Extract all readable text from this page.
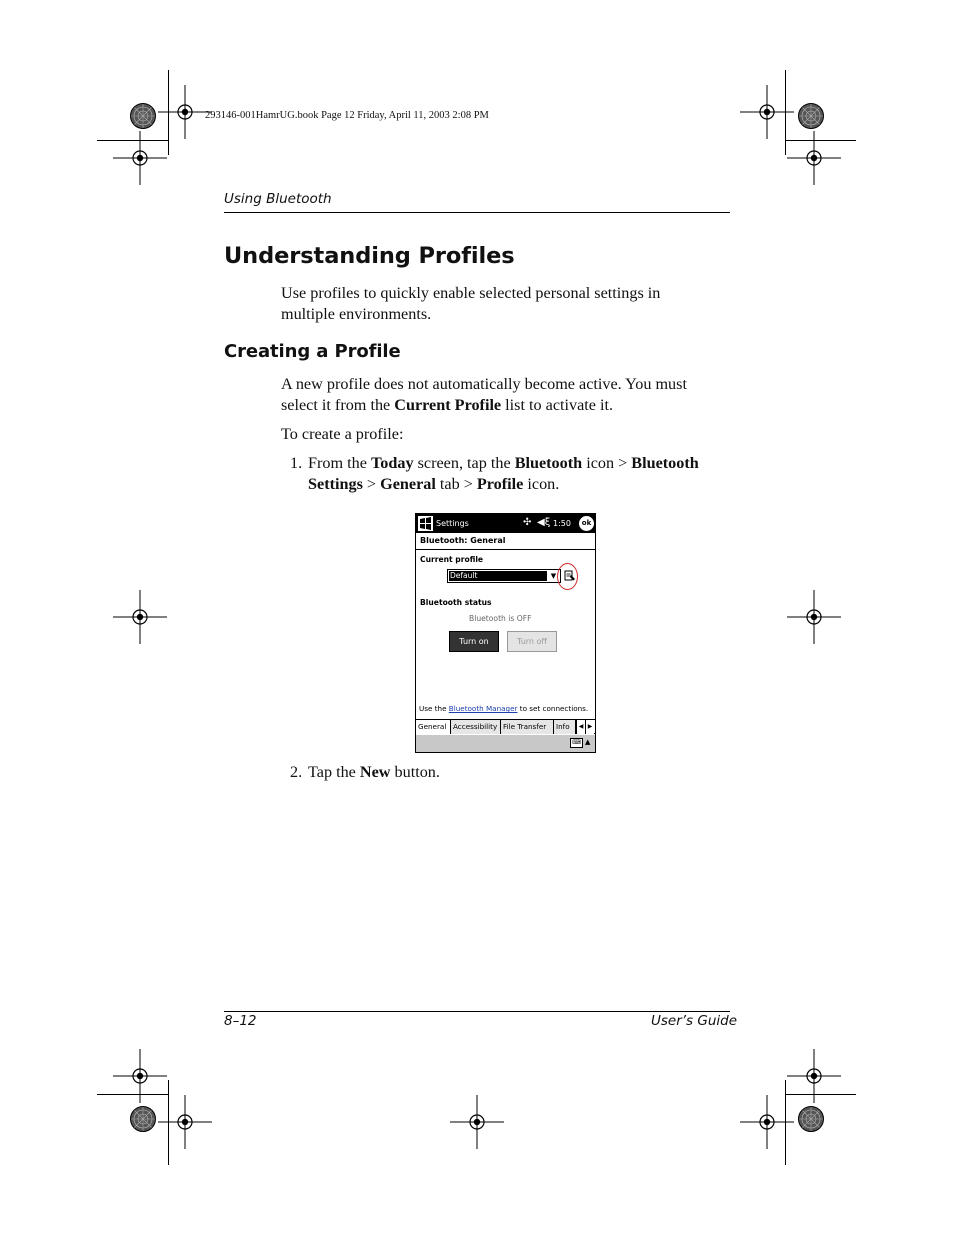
293146-001HamrUG.book Page 12 Friday, April 11, 2003 2:08 PM
Using Bluetooth
Understanding Profiles
Use profiles to quickly enable selected personal settings in
multiple environments.
Creating a Profile
A new profile does not automatically become active. You must
select it from the Current Profile list to activate it.
To create a profile:
1. From the Today screen, tap the Bluetooth icon > Bluetooth
Settings > General tab > Profile icon.
Settings	✣ ◀ξ 1:50	ok
Bluetooth: General
Current profile
Default	▼
Bluetooth status
Bluetooth is OFF
Turn on	Turn off
Use the Bluetooth Manager to set connections.
General Accessibility File Transfer	Info	◀ ▶
⌨ ▲
2. Tap the New button.
8–12	User’s Guide
